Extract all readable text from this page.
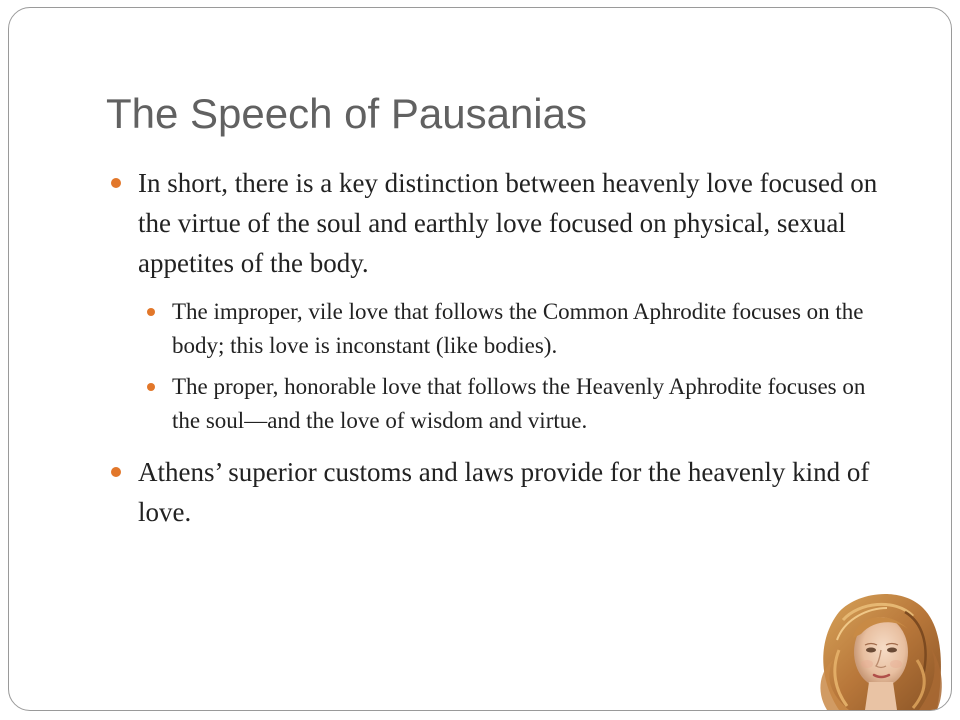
The Speech of Pausanias
In short, there is a key distinction between heavenly love focused on the virtue of the soul and earthly love focused on physical, sexual appetites of the body.
The improper, vile love that follows the Common Aphrodite focuses on the body; this love is inconstant (like bodies).
The proper, honorable love that follows the Heavenly Aphrodite focuses on the soul—and the love of wisdom and virtue.
Athens’ superior customs and laws provide for the heavenly kind of love.
